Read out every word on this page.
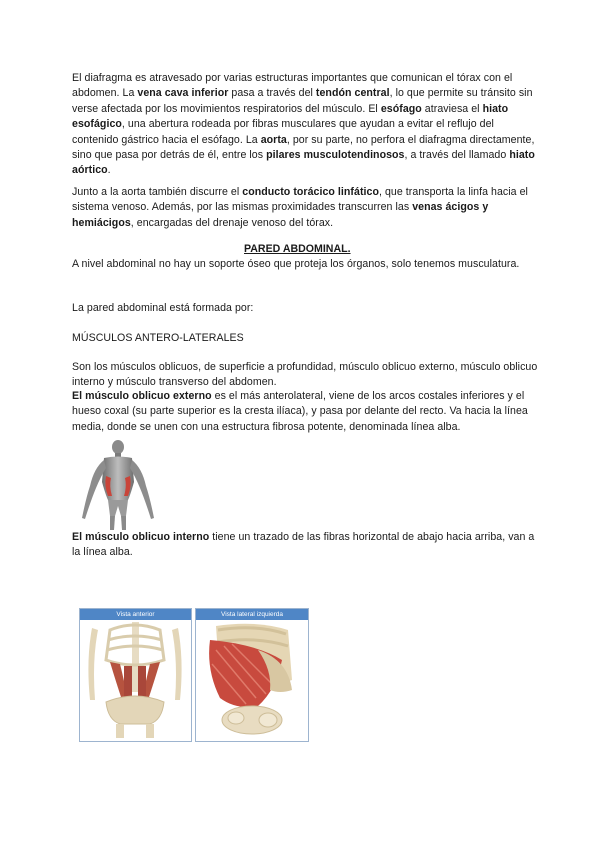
El diafragma es atravesado por varias estructuras importantes que comunican el tórax con el abdomen. La vena cava inferior pasa a través del tendón central, lo que permite su tránsito sin verse afectada por los movimientos respiratorios del músculo. El esófago atraviesa el hiato esofágico, una abertura rodeada por fibras musculares que ayudan a evitar el reflujo del contenido gástrico hacia el esófago. La aorta, por su parte, no perfora el diafragma directamente, sino que pasa por detrás de él, entre los pilares musculotendinosos, a través del llamado hiato aórtico.
Junto a la aorta también discurre el conducto torácico linfático, que transporta la linfa hacia el sistema venoso. Además, por las mismas proximidades transcurren las venas ácigos y hemiácigos, encargadas del drenaje venoso del tórax.
PARED ABDOMINAL.
A nivel abdominal no hay un soporte óseo que proteja los órganos, solo tenemos musculatura.
La pared abdominal está formada por:
MÚSCULOS ANTERO-LATERALES
Son los músculos oblicuos, de superficie a profundidad, músculo oblicuo externo, músculo oblicuo interno y músculo transverso del abdomen.
El músculo oblicuo externo es el más anterolateral, viene de los arcos costales inferiores y el hueso coxal (su parte superior es la cresta ilíaca), y pasa por delante del recto. Va hacia la línea media, donde se unen con una estructura fibrosa potente, denominada línea alba.
El músculo oblicuo interno tiene un trazado de las fibras horizontal de abajo hacia arriba, van a la línea alba.
Vista anterior	Vista lateral izquierda
